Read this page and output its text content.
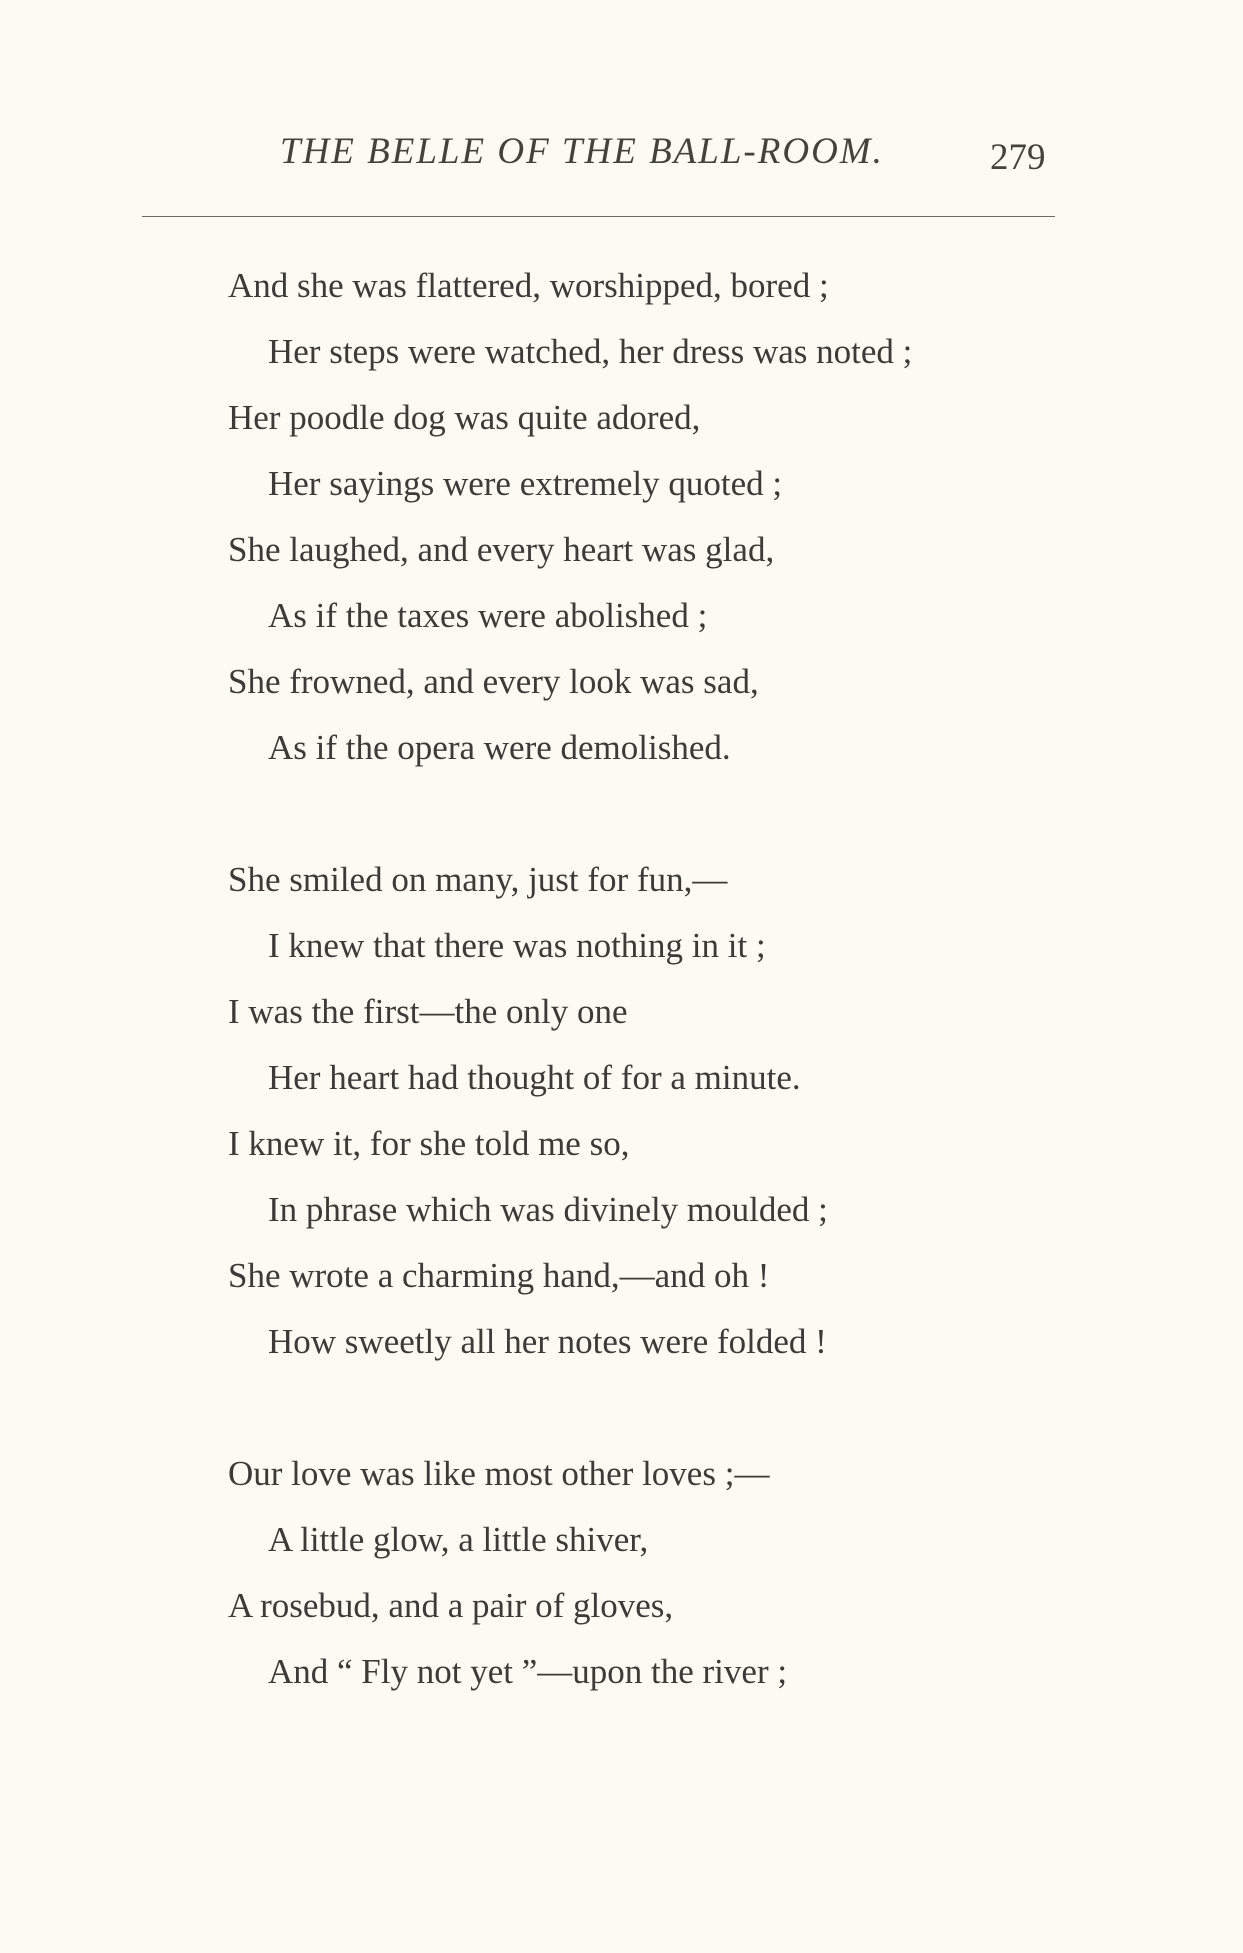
THE BELLE OF THE BALL-ROOM.	279
And she was flattered, worshipped, bored ;
Her steps were watched, her dress was noted ;
Her poodle dog was quite adored,
Her sayings were extremely quoted ;
She laughed, and every heart was glad,
As if the taxes were abolished ;
She frowned, and every look was sad,
As if the opera were demolished.
She smiled on many, just for fun,—
I knew that there was nothing in it ;
I was the first—the only one
Her heart had thought of for a minute.
I knew it, for she told me so,
In phrase which was divinely moulded ;
She wrote a charming hand,—and oh !
How sweetly all her notes were folded !
Our love was like most other loves ;—
A little glow, a little shiver,
A rosebud, and a pair of gloves,
And “ Fly not yet ”—upon the river ;
